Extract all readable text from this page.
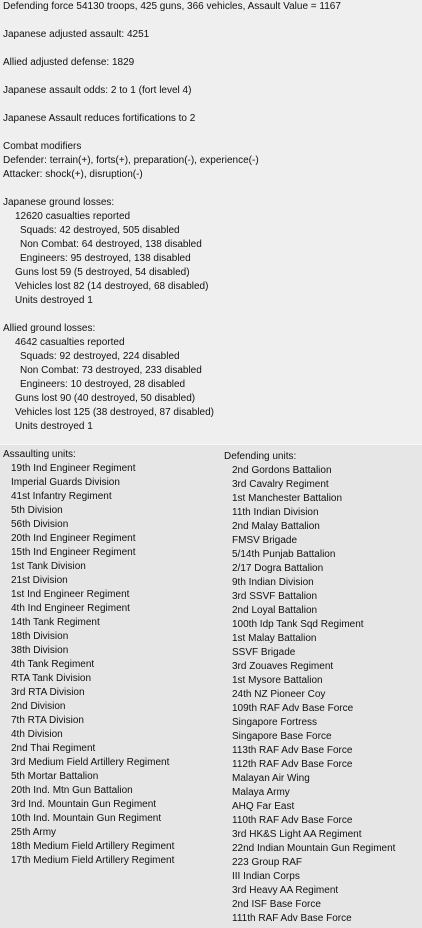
Defending force 54130 troops, 425 guns, 366 vehicles, Assault Value = 1167
Japanese adjusted assault: 4251
Allied adjusted defense: 1829
Japanese assault odds: 2 to 1 (fort level 4)
Japanese Assault reduces fortifications to 2
Combat modifiers
Defender: terrain(+), forts(+), preparation(-), experience(-)
Attacker: shock(+), disruption(-)
Japanese ground losses:
12620 casualties reported
Squads: 42 destroyed, 505 disabled
Non Combat: 64 destroyed, 138 disabled
Engineers: 95 destroyed, 138 disabled
Guns lost 59 (5 destroyed, 54 disabled)
Vehicles lost 82 (14 destroyed, 68 disabled)
Units destroyed 1
Allied ground losses:
4642 casualties reported
Squads: 92 destroyed, 224 disabled
Non Combat: 73 destroyed, 233 disabled
Engineers: 10 destroyed, 28 disabled
Guns lost 90 (40 destroyed, 50 disabled)
Vehicles lost 125 (38 destroyed, 87 disabled)
Units destroyed 1
Assaulting units:
19th Ind Engineer Regiment
Imperial Guards Division
41st Infantry Regiment
5th Division
56th Division
20th Ind Engineer Regiment
15th Ind Engineer Regiment
1st Tank Division
21st Division
1st Ind Engineer Regiment
4th Ind Engineer Regiment
14th Tank Regiment
18th Division
38th Division
4th Tank Regiment
RTA Tank Division
3rd RTA Division
2nd Division
7th RTA Division
4th Division
2nd Thai Regiment
3rd Medium Field Artillery Regiment
5th Mortar Battalion
20th Ind. Mtn Gun Battalion
3rd Ind. Mountain Gun Regiment
10th Ind. Mountain Gun Regiment
25th Army
18th Medium Field Artillery Regiment
17th Medium Field Artillery Regiment
Defending units:
2nd Gordons Battalion
3rd Cavalry Regiment
1st Manchester Battalion
11th Indian Division
2nd Malay Battalion
FMSV Brigade
5/14th Punjab Battalion
2/17 Dogra Battalion
9th Indian Division
3rd SSVF Battalion
2nd Loyal Battalion
100th Idp Tank Sqd Regiment
1st Malay Battalion
SSVF Brigade
3rd Zouaves Regiment
1st Mysore Battalion
24th NZ Pioneer Coy
109th RAF Adv Base Force
Singapore Fortress
Singapore Base Force
113th RAF Adv Base Force
112th RAF Adv Base Force
Malayan Air Wing
Malaya Army
AHQ Far East
110th RAF Adv Base Force
3rd HK&S Light AA Regiment
22nd Indian Mountain Gun Regiment
223 Group RAF
III Indian Corps
3rd Heavy AA Regiment
2nd ISF Base Force
111th RAF Adv Base Force
